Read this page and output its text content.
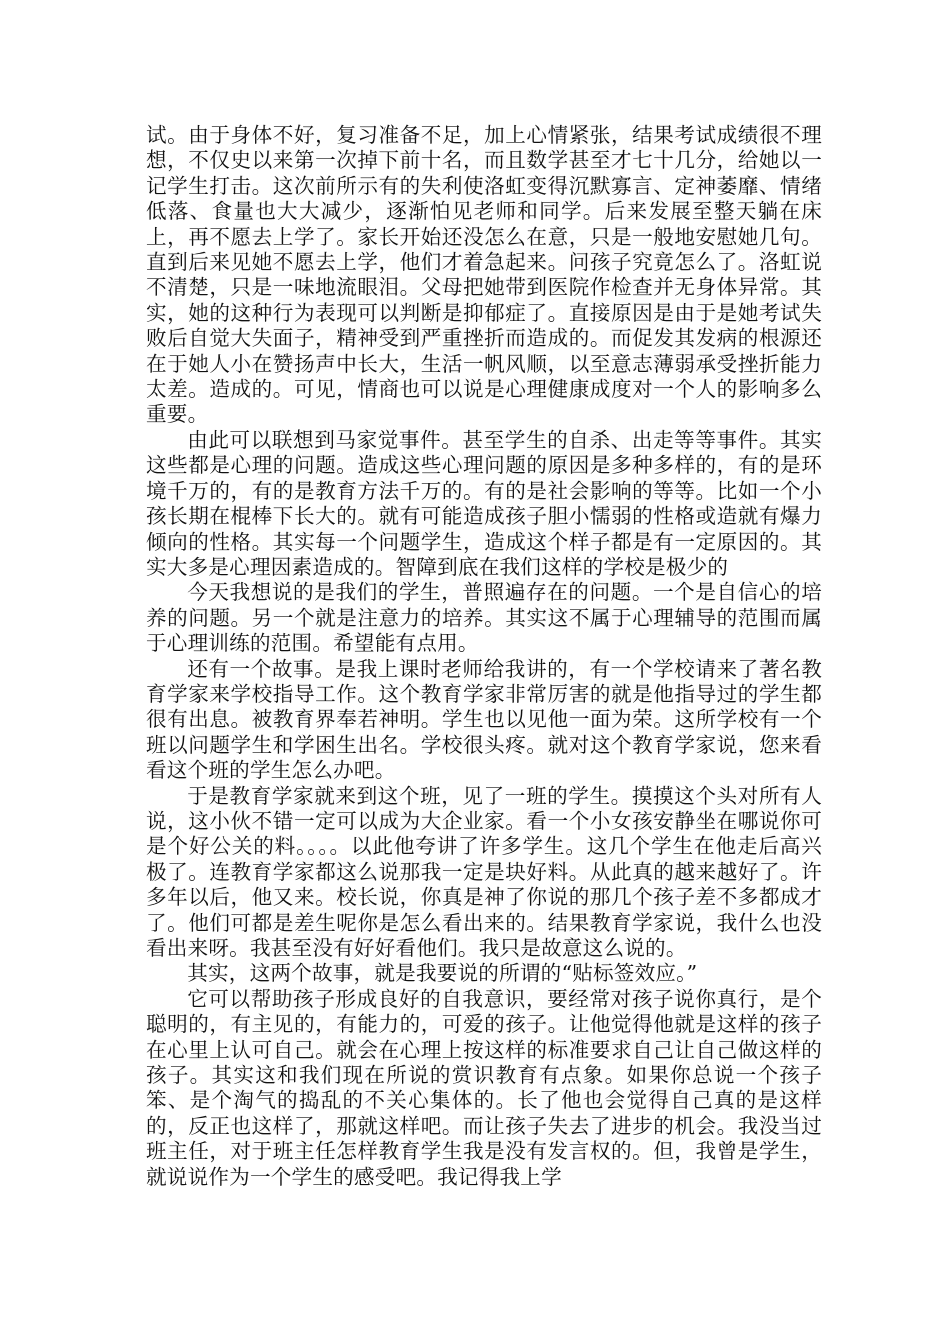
试。由于身体不好，复习准备不足，加上心情紧张，结果考试成绩很不理想，不仅史以来第一次掉下前十名，而且数学甚至才七十几分，给她以一记学生打击。这次前所示有的失利使洛虹变得沉默寡言、定神萎靡、情绪低落、食量也大大减少，逐渐怕见老师和同学。后来发展至整天躺在床上，再不愿去上学了。家长开始还没怎么在意，只是一般地安慰她几句。直到后来见她不愿去上学，他们才着急起来。问孩子究竟怎么了。洛虹说不清楚，只是一味地流眼泪。父母把她带到医院作检查并无身体异常。其实，她的这种行为表现可以判断是抑郁症了。直接原因是由于是她考试失败后自觉大失面子，精神受到严重挫折而造成的。而促发其发病的根源还在于她人小在赞扬声中长大，生活一帆风顺，以至意志薄弱承受挫折能力太差。造成的。可见，情商也可以说是心理健康成度对一个人的影响多么重要。

由此可以联想到马家觉事件。甚至学生的自杀、出走等等事件。其实这些都是心理的问题。造成这些心理问题的原因是多种多样的，有的是环境千万的，有的是教育方法千万的。有的是社会影响的等等。比如一个小孩长期在棍棒下长大的。就有可能造成孩子胆小懦弱的性格或造就有爆力倾向的性格。其实每一个问题学生，造成这个样子都是有一定原因的。其实大多是心理因素造成的。智障到底在我们这样的学校是极少的

今天我想说的是我们的学生，普照遍存在的问题。一个是自信心的培养的问题。另一个就是注意力的培养。其实这不属于心理辅导的范围而属于心理训练的范围。希望能有点用。

还有一个故事。是我上课时老师给我讲的，有一个学校请来了著名教育学家来学校指导工作。这个教育学家非常厉害的就是他指导过的学生都很有出息。被教育界奉若神明。学生也以见他一面为荣。这所学校有一个班以问题学生和学困生出名。学校很头疼。就对这个教育学家说，您来看看这个班的学生怎么办吧。

于是教育学家就来到这个班，见了一班的学生。摸摸这个头对所有人说，这小伙不错一定可以成为大企业家。看一个小女孩安静坐在哪说你可是个好公关的料。。。。以此他夸讲了许多学生。这几个学生在他走后高兴极了。连教育学家都这么说那我一定是块好料。从此真的越来越好了。许多年以后，他又来。校长说，你真是神了你说的那几个孩子差不多都成才了。他们可都是差生呢你是怎么看出来的。结果教育学家说，我什么也没看出来呀。我甚至没有好好看他们。我只是故意这么说的。

其实，这两个故事，就是我要说的所谓的“贴标签效应。”

它可以帮助孩子形成良好的自我意识，要经常对孩子说你真行，是个聪明的，有主见的，有能力的，可爱的孩子。让他觉得他就是这样的孩子在心里上认可自己。就会在心理上按这样的标准要求自己让自己做这样的孩子。其实这和我们现在所说的赏识教育有点象。如果你总说一个孩子笨、是个淘气的捣乱的不关心集体的。长了他也会觉得自己真的是这样的，反正也这样了，那就这样吧。而让孩子失去了进步的机会。我没当过班主任，对于班主任怎样教育学生我是没有发言权的。但，我曾是学生，就说说作为一个学生的感受吧。我记得我上学
